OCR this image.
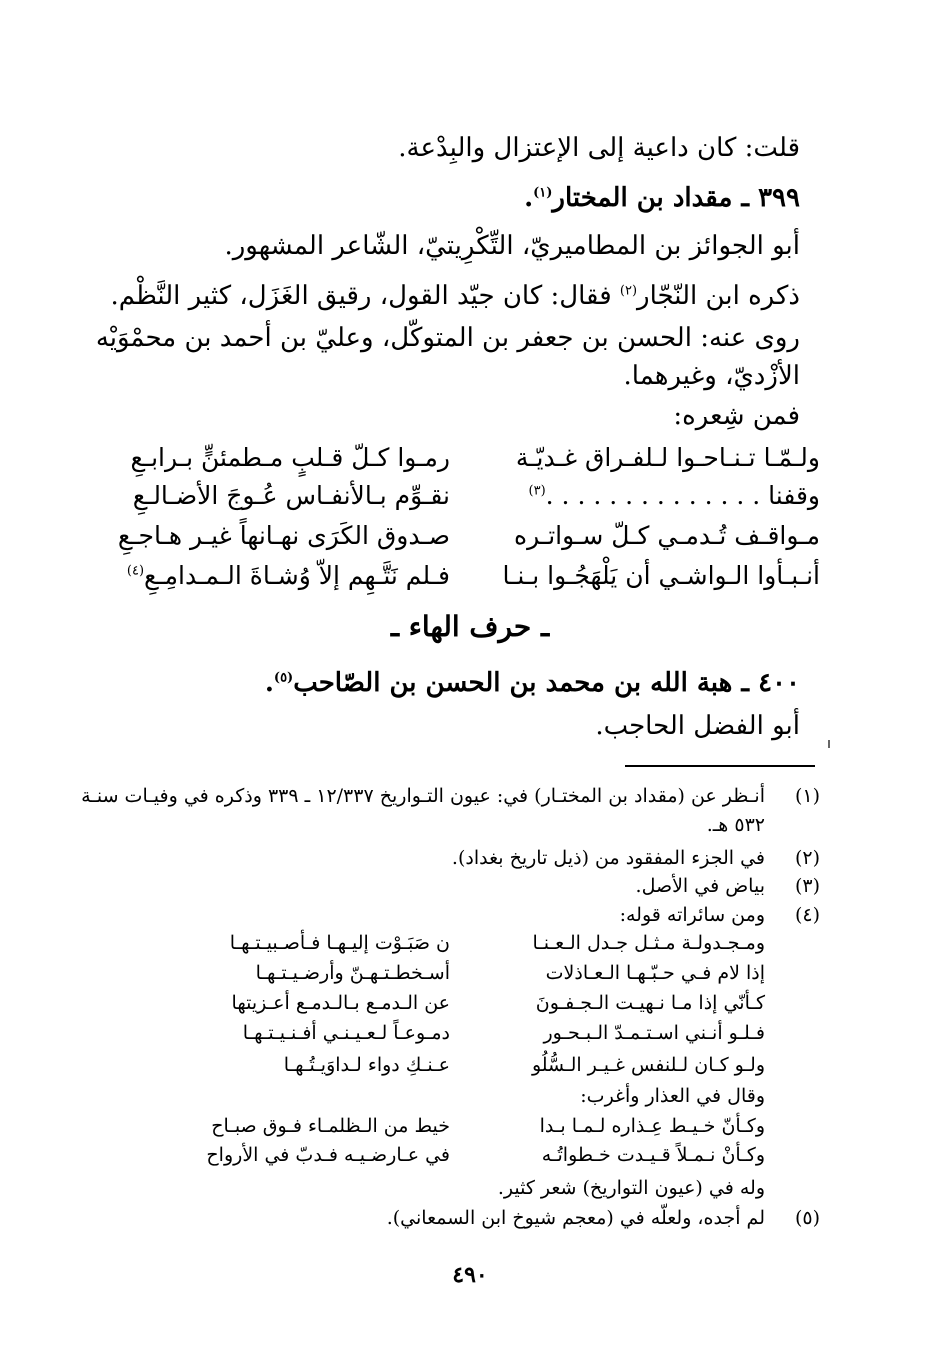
قلت: كان داعية إلى الإعتزال والبِدْعة.
٣٩٩ ـ مقداد بن المختار$^{(١)}$.
أبو الجوائز بن المطاميريّ، التِّكْرِيتيّ، الشّاعر المشهور.
ذكره ابن النّجّار$^{(٢)}$ فقال: كان جيّد القول، رقيق الغَزَل، كثير النَّظْم.
روى عنه: الحسن بن جعفر بن المتوكّل، وعليّ بن أحمد بن محمْوَيْه
الأزْديّ، وغيرهما.
فمن شِعره:
ولـمّـا تـنـاحـوا لـلفـراق غـديّـة
رمـوا كـلّ قـلبٍ مـطمئنٍّ بـرابـعِ
وقفنا . . . . . . . . . . . . . .$^{(٣)}$
نقـوِّم بـالأنفـاس عُـوجَ الأضـالـعِ
مـواقـف تُـدمـي كـلّ سـواتـره
صـدوق الكَرَى نهـانهاً غيـر هـاجـعِ
أنـبـأوا الـواشـي أن يَلْهَجُـوا بـنـا
فـلم نَتَّـهِم إلاّ وُشـاةَ الـمـدامِـعِ$^{(٤)}$
ـ حرف الهاء ـ
٤٠٠ ـ هبة الله بن محمد بن الحسن بن الصّاحب$^{(٥)}$.
أبو الفضل الحاجب.
(١)
أنـظر عن (مقداد بن المختـار) في: عيون التـواريخ ١٢/٣٣٧ ـ ٣٣٩ وذكره في وفيـات سنـة
٥٣٢ هـ.
(٢)
في الجزء المفقود من (ذيل تاريخ بغداد).
(٣)
بياض في الأصل.
(٤)
ومن سائراته قوله:
ومـجـدولـة مـثـل جـدل الـعـنـا
ن صَبَـوْت إليـهـا فـأصـبيـتـهـا
إذا لام فـي حـبّـهـا الـعـاذلات
أسـخطـتـهـنّ وأرضـيـتـهـا
كـأنّي إذا مـا نـهيـت الـجـفـونَ
عن الـدمـع بـالـدمـع أعـزيتها
فـلـو أنـني اسـتـمـدّ الـبـحـور
دمـوعـاً لـعـيـنـي أفـنـيـتـهـا
ولـو كـان لـلنفس غـيـر الـسُّلُو
عـنـكِ دواء لـداوَيـتُـهـا
وقال في العذار وأغرب:
وكـأنّ خـيـط عِـذاره لـمـا بـدا
خيط من الـظلمـاء فـوق صبـاح
وكـأنْ نـمـلاً قـيـدت خـطواتُـه
في عـارضـيـه فـدبّ في الأرواح
وله في (عيون التواريخ) شعر كثير.
(٥)
لم أجده، ولعلّه في (معجم شيوخ ابن السمعاني).
٤٩٠
